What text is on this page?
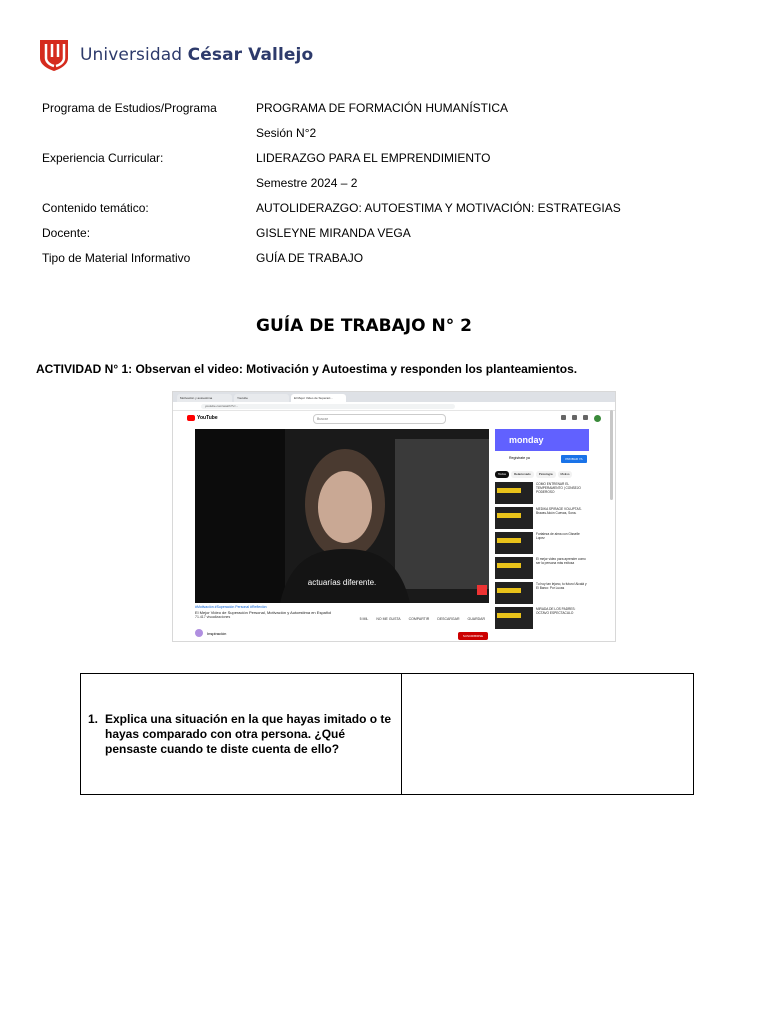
Universidad César Vallejo
Programa de Estudios/Programa	PROGRAMA DE FORMACIÓN HUMANÍSTICA
Sesión N°2
Experiencia Curricular:	LIDERAZGO PARA EL EMPRENDIMIENTO
Semestre 2024 – 2
Contenido temático:	AUTOLIDERAZGO: AUTOESTIMA Y MOTIVACIÓN: ESTRATEGIAS
Docente:	GISLEYNE MIRANDA VEGA
Tipo de Material Informativo	GUÍA DE TRABAJO
GUÍA DE TRABAJO N° 2
ACTIVIDAD N° 1: Observan el video: Motivación y Autoestima y responden los planteamientos.
Motivación y autoestima	Youtube	El Mejor Video de Superaci...
youtube.com/watch?v=...
YouTube	Buscar
actuarías diferente.
#Motivación #Superación Personal #Reflexión
El Mejor Video de Superación Personal, Motivación y Autoestima en Español
71.417 visualizaciones	5 MIL NO ME GUSTA COMPARTIR DESCARGAR GUARDAR
Inspiración
SUSCRIBIRSE
monday
Regístrate ya	PROBAR YA
Todos	Relacionado	Psicología	Motivo
COMO ENTRENAR EL TEMPERAMENTO | CONSEJO PODEROSO
MEDIKA SPIRAGE VOLUPTAS. Bravas Alcón Cuevas, Sona.
Fortaleza de alma con Gisselle Lopez
El mejor video para aprender como ser la persona más exitosa
Tu hoy tan lejano, tu futuro! Alcalá y El Barco: Por Lucas
MIRADA DE LOS PADRES: OCTAVO ESPECTACULO
1. Explica una situación en la que hayas imitado o te hayas comparado con otra persona. ¿Qué pensaste cuando te diste cuenta de ello?
